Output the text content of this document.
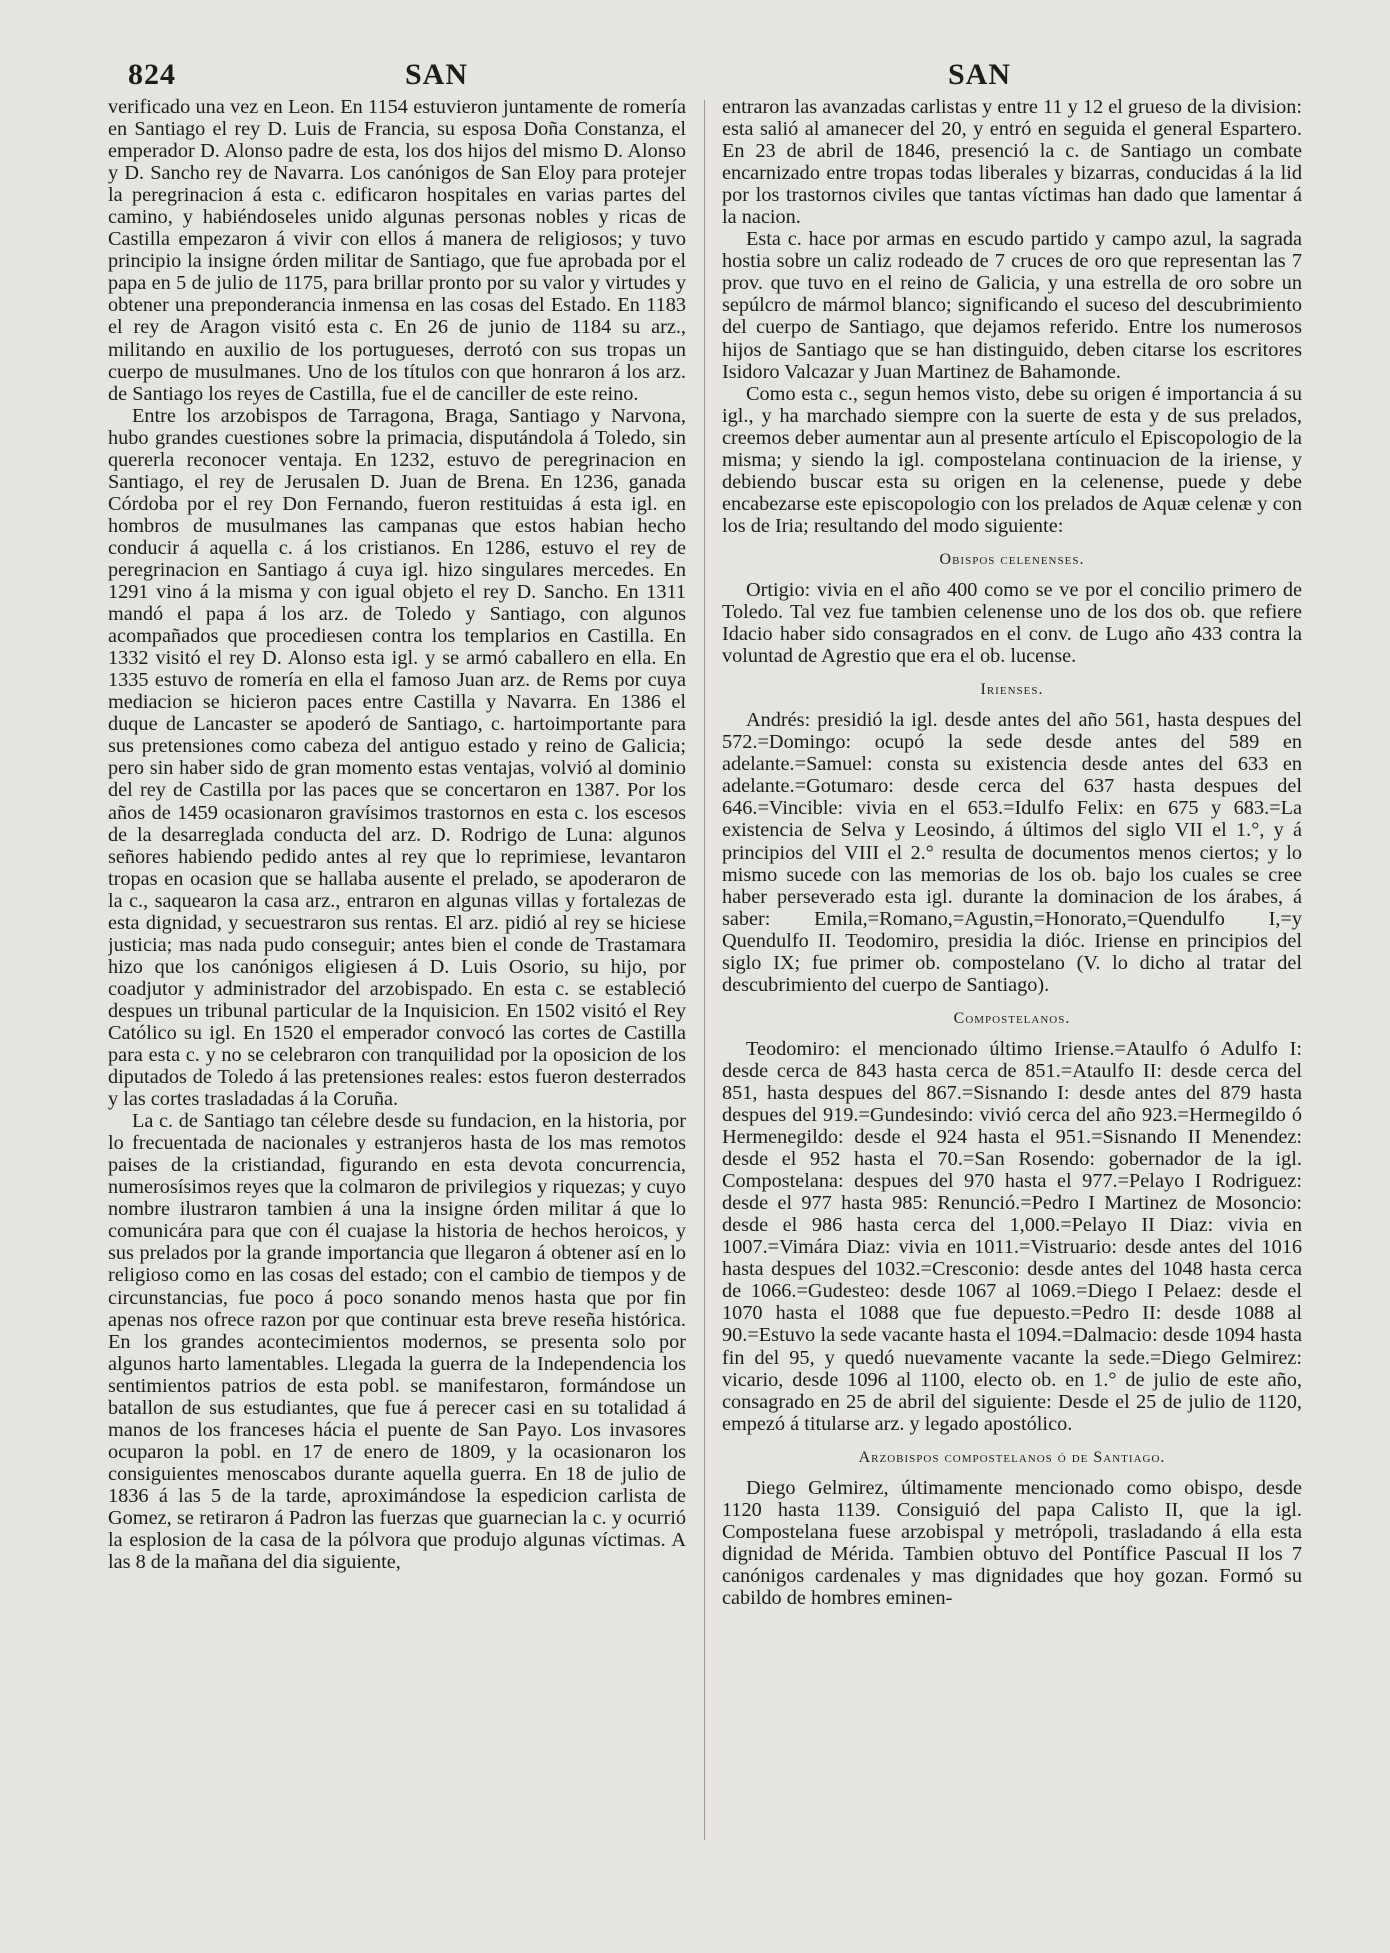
824	SAN	SAN

verificado una vez en Leon. En 1154 estuvieron juntamente de romería en Santiago el rey D. Luis de Francia, su esposa Doña Constanza, el emperador D. Alonso padre de esta, los dos hijos del mismo D. Alonso y D. Sancho rey de Navarra. Los canónigos de San Eloy para protejer la peregrinacion á esta c. edificaron hospitales en varias partes del camino, y habiéndoseles unido algunas personas nobles y ricas de Castilla empezaron á vivir con ellos á manera de religiosos; y tuvo principio la insigne órden militar de Santiago, que fue aprobada por el papa en 5 de julio de 1175, para brillar pronto por su valor y virtudes y obtener una preponderancia inmensa en las cosas del Estado. En 1183 el rey de Aragon visitó esta c. En 26 de junio de 1184 su arz., militando en auxilio de los portugueses, derrotó con sus tropas un cuerpo de musulmanes. Uno de los títulos con que honraron á los arz. de Santiago los reyes de Castilla, fue el de canciller de este reino.

Entre los arzobispos de Tarragona, Braga, Santiago y Narvona, hubo grandes cuestiones sobre la primacia, disputándola á Toledo, sin quererla reconocer ventaja. En 1232, estuvo de peregrinacion en Santiago, el rey de Jerusalen D. Juan de Brena. En 1236, ganada Córdoba por el rey Don Fernando, fueron restituidas á esta igl. en hombros de musulmanes las campanas que estos habian hecho conducir á aquella c. á los cristianos. En 1286, estuvo el rey de peregrinacion en Santiago á cuya igl. hizo singulares mercedes. En 1291 vino á la misma y con igual objeto el rey D. Sancho. En 1311 mandó el papa á los arz. de Toledo y Santiago, con algunos acompañados que procediesen contra los templarios en Castilla. En 1332 visitó el rey D. Alonso esta igl. y se armó caballero en ella. En 1335 estuvo de romería en ella el famoso Juan arz. de Rems por cuya mediacion se hicieron paces entre Castilla y Navarra. En 1386 el duque de Lancaster se apoderó de Santiago, c. hartoimportante para sus pretensiones como cabeza del antiguo estado y reino de Galicia; pero sin haber sido de gran momento estas ventajas, volvió al dominio del rey de Castilla por las paces que se concertaron en 1387. Por los años de 1459 ocasionaron gravísimos trastornos en esta c. los escesos de la desarreglada conducta del arz. D. Rodrigo de Luna: algunos señores habiendo pedido antes al rey que lo reprimiese, levantaron tropas en ocasion que se hallaba ausente el prelado, se apoderaron de la c., saquearon la casa arz., entraron en algunas villas y fortalezas de esta dignidad, y secuestraron sus rentas. El arz. pidió al rey se hiciese justicia; mas nada pudo conseguir; antes bien el conde de Trastamara hizo que los canónigos eligiesen á D. Luis Osorio, su hijo, por coadjutor y administrador del arzobispado. En esta c. se estableció despues un tribunal particular de la Inquisicion. En 1502 visitó el Rey Católico su igl. En 1520 el emperador convocó las cortes de Castilla para esta c. y no se celebraron con tranquilidad por la oposicion de los diputados de Toledo á las pretensiones reales: estos fueron desterrados y las cortes trasladadas á la Coruña.

La c. de Santiago tan célebre desde su fundacion, en la historia, por lo frecuentada de nacionales y estranjeros hasta de los mas remotos paises de la cristiandad, figurando en esta devota concurrencia, numerosísimos reyes que la colmaron de privilegios y riquezas; y cuyo nombre ilustraron tambien á una la insigne órden militar á que lo comunicára para que con él cuajase la historia de hechos heroicos, y sus prelados por la grande importancia que llegaron á obtener así en lo religioso como en las cosas del estado; con el cambio de tiempos y de circunstancias, fue poco á poco sonando menos hasta que por fin apenas nos ofrece razon por que continuar esta breve reseña histórica. En los grandes acontecimientos modernos, se presenta solo por algunos harto lamentables. Llegada la guerra de la Independencia los sentimientos patrios de esta pobl. se manifestaron, formándose un batallon de sus estudiantes, que fue á perecer casi en su totalidad á manos de los franceses hácia el puente de San Payo. Los invasores ocuparon la pobl. en 17 de enero de 1809, y la ocasionaron los consiguientes menoscabos durante aquella guerra. En 18 de julio de 1836 á las 5 de la tarde, aproximándose la espedicion carlista de Gomez, se retiraron á Padron las fuerzas que guarnecian la c. y ocurrió la esplosion de la casa de la pólvora que produjo algunas víctimas. A las 8 de la mañana del dia siguiente,

entraron las avanzadas carlistas y entre 11 y 12 el grueso de la division: esta salió al amanecer del 20, y entró en seguida el general Espartero. En 23 de abril de 1846, presenció la c. de Santiago un combate encarnizado entre tropas todas liberales y bizarras, conducidas á la lid por los trastornos civiles que tantas víctimas han dado que lamentar á la nacion.

Esta c. hace por armas en escudo partido y campo azul, la sagrada hostia sobre un caliz rodeado de 7 cruces de oro que representan las 7 prov. que tuvo en el reino de Galicia, y una estrella de oro sobre un sepúlcro de mármol blanco; significando el suceso del descubrimiento del cuerpo de Santiago, que dejamos referido. Entre los numerosos hijos de Santiago que se han distinguido, deben citarse los escritores Isidoro Valcazar y Juan Martinez de Bahamonde.

Como esta c., segun hemos visto, debe su origen é importancia á su igl., y ha marchado siempre con la suerte de esta y de sus prelados, creemos deber aumentar aun al presente artículo el Episcopologio de la misma; y siendo la igl. compostelana continuacion de la iriense, y debiendo buscar esta su origen en la celenense, puede y debe encabezarse este episcopologio con los prelados de Aquæ celenæ y con los de Iria; resultando del modo siguiente:

Obispos celenenses.

Ortigio: vivia en el año 400 como se ve por el concilio primero de Toledo. Tal vez fue tambien celenense uno de los dos ob. que refiere Idacio haber sido consagrados en el conv. de Lugo año 433 contra la voluntad de Agrestio que era el ob. lucense.

Irienses.

Andrés: presidió la igl. desde antes del año 561, hasta despues del 572.=Domingo: ocupó la sede desde antes del 589 en adelante.=Samuel: consta su existencia desde antes del 633 en adelante.=Gotumaro: desde cerca del 637 hasta despues del 646.=Vincible: vivia en el 653.=Idulfo Felix: en 675 y 683.=La existencia de Selva y Leosindo, á últimos del siglo VII el 1.°, y á principios del VIII el 2.° resulta de documentos menos ciertos; y lo mismo sucede con las memorias de los ob. bajo los cuales se cree haber perseverado esta igl. durante la dominacion de los árabes, á saber: Emila,=Romano,=Agustin,=Honorato,=Quendulfo I,=y Quendulfo II. Teodomiro, presidia la dióc. Iriense en principios del siglo IX; fue primer ob. compostelano (V. lo dicho al tratar del descubrimiento del cuerpo de Santiago).

Compostelanos.

Teodomiro: el mencionado último Iriense.=Ataulfo ó Adulfo I: desde cerca de 843 hasta cerca de 851.=Ataulfo II: desde cerca del 851, hasta despues del 867.=Sisnando I: desde antes del 879 hasta despues del 919.=Gundesindo: vivió cerca del año 923.=Hermegildo ó Hermenegildo: desde el 924 hasta el 951.=Sisnando II Menendez: desde el 952 hasta el 70.=San Rosendo: gobernador de la igl. Compostelana: despues del 970 hasta el 977.=Pelayo I Rodriguez: desde el 977 hasta 985: Renunció.=Pedro I Martinez de Mosoncio: desde el 986 hasta cerca del 1,000.=Pelayo II Diaz: vivia en 1007.=Vimára Diaz: vivia en 1011.=Vistruario: desde antes del 1016 hasta despues del 1032.=Cresconio: desde antes del 1048 hasta cerca de 1066.=Gudesteo: desde 1067 al 1069.=Diego I Pelaez: desde el 1070 hasta el 1088 que fue depuesto.=Pedro II: desde 1088 al 90.=Estuvo la sede vacante hasta el 1094.=Dalmacio: desde 1094 hasta fin del 95, y quedó nuevamente vacante la sede.=Diego Gelmirez: vicario, desde 1096 al 1100, electo ob. en 1.° de julio de este año, consagrado en 25 de abril del siguiente: Desde el 25 de julio de 1120, empezó á titularse arz. y legado apostólico.

Arzobispos compostelanos ó de Santiago.

Diego Gelmirez, últimamente mencionado como obispo, desde 1120 hasta 1139. Consiguió del papa Calisto II, que la igl. Compostelana fuese arzobispal y metrópoli, trasladando á ella esta dignidad de Mérida. Tambien obtuvo del Pontífice Pascual II los 7 canónigos cardenales y mas dignidades que hoy gozan. Formó su cabildo de hombres eminen-
